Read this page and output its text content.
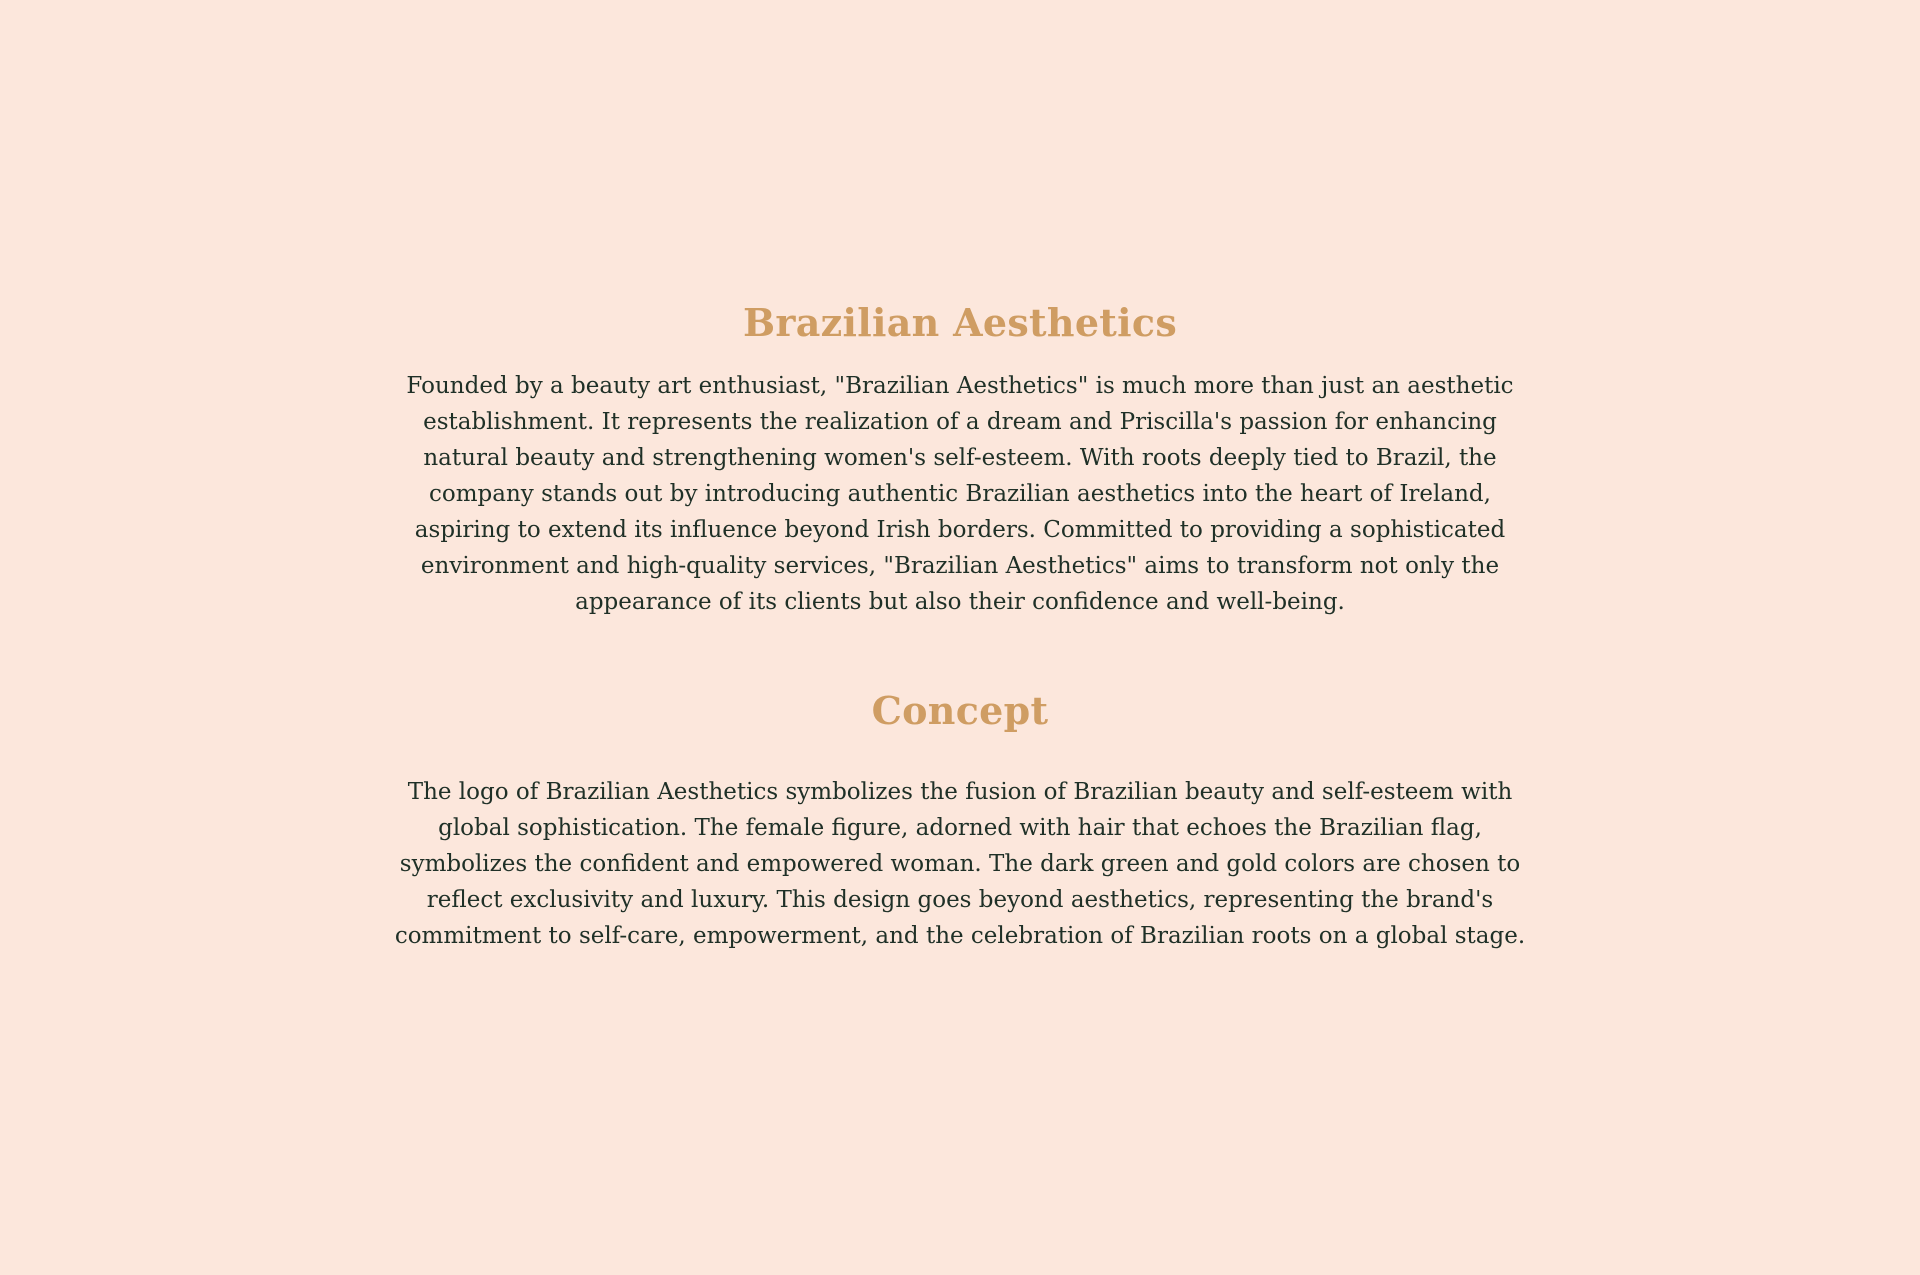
Brazilian Aesthetics

Founded by a beauty art enthusiast, "Brazilian Aesthetics" is much more than just an aesthetic establishment. It represents the realization of a dream and Priscilla's passion for enhancing natural beauty and strengthening women's self-esteem. With roots deeply tied to Brazil, the company stands out by introducing authentic Brazilian aesthetics into the heart of Ireland, aspiring to extend its influence beyond Irish borders. Committed to providing a sophisticated environment and high-quality services, "Brazilian Aesthetics" aims to transform not only the appearance of its clients but also their confidence and well-being.

Concept

The logo of Brazilian Aesthetics symbolizes the fusion of Brazilian beauty and self-esteem with global sophistication. The female figure, adorned with hair that echoes the Brazilian flag, symbolizes the confident and empowered woman. The dark green and gold colors are chosen to reflect exclusivity and luxury. This design goes beyond aesthetics, representing the brand's commitment to self-care, empowerment, and the celebration of Brazilian roots on a global stage.
